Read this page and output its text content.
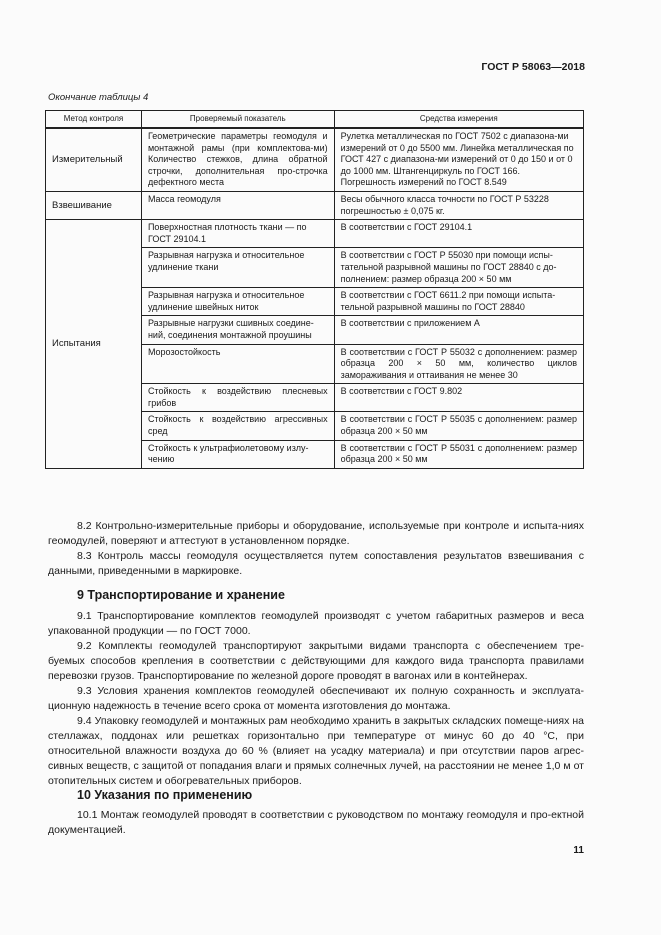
ГОСТ Р 58063—2018
Окончание таблицы 4
Метод контроля	Проверяемый показатель	Средства измерения
Измерительный	Геометрические параметры геомодуля и монтажной рамы (при комплектова-ми) Количество стежков, длина обратной строчки, дополнительная про-строчка дефектного места	Рулетка металлическая по ГОСТ 7502 с диапазона-ми измерений от 0 до 5500 мм. Линейка металлическая по ГОСТ 427 с диапазона-ми измерений от 0 до 150 и от 0 до 1000 мм. Штангенциркуль по ГОСТ 166. Погрешность измерений по ГОСТ 8.549
Взвешивание	Масса геомодуля	Весы обычного класса точности по ГОСТ Р 53228 погрешностью ± 0,075 кг.
Испытания	Поверхностная плотность ткани — по ГОСТ 29104.1	В соответствии с ГОСТ 29104.1
	Разрывная нагрузка и относительное удлинение ткани	В соответствии с ГОСТ Р 55030 при помощи испы-тательной разрывной машины по ГОСТ 28840 с до-полнением: размер образца 200 × 50 мм
	Разрывная нагрузка и относительное удлинение швейных ниток	В соответствии с ГОСТ 6611.2 при помощи испыта-тельной разрывной машины по ГОСТ 28840
	Разрывные нагрузки сшивных соедине-ний, соединения монтажной проушины	В соответствии с приложением А
	Морозостойкость	В соответствии с ГОСТ Р 55032 с дополнением: размер образца 200 × 50 мм, количество циклов замораживания и оттаивания не менее 30
	Стойкость к воздействию плесневых грибов	В соответствии с ГОСТ 9.802
	Стойкость к воздействию агрессивных сред	В соответствии с ГОСТ Р 55035 с дополнением: размер образца 200 × 50 мм
	Стойкость к ультрафиолетовому излу-чению	В соответствии с ГОСТ Р 55031 с дополнением: размер образца 200 × 50 мм

8.2 Контрольно-измерительные приборы и оборудование, используемые при контроле и испыта-ниях геомодулей, поверяют и аттестуют в установленном порядке.

8.3 Контроль массы геомодуля осуществляется путем сопоставления результатов взвешивания с данными, приведенными в маркировке.

9 Транспортирование и хранение

9.1 Транспортирование комплектов геомодулей производят с учетом габаритных размеров и веса упакованной продукции — по ГОСТ 7000.

9.2 Комплекты геомодулей транспортируют закрытыми видами транспорта с обеспечением тре-буемых способов крепления в соответствии с действующими для каждого вида транспорта правилами перевозки грузов. Транспортирование по железной дороге проводят в вагонах или в контейнерах.

9.3 Условия хранения комплектов геомодулей обеспечивают их полную сохранность и эксплуата-ционную надежность в течение всего срока от момента изготовления до монтажа.

9.4 Упаковку геомодулей и монтажных рам необходимо хранить в закрытых складских помеще-ниях на стеллажах, поддонах или решетках горизонтально при температуре от минус 60 до 40 °С, при относительной влажности воздуха до 60 % (влияет на усадку материала) и при отсутствии паров агрес-сивных веществ, с защитой от попадания влаги и прямых солнечных лучей, на расстоянии не менее 1,0 м от отопительных систем и обогревательных приборов.

10 Указания по применению

10.1 Монтаж геомодулей проводят в соответствии с руководством по монтажу геомодуля и про-ектной документацией.

11
